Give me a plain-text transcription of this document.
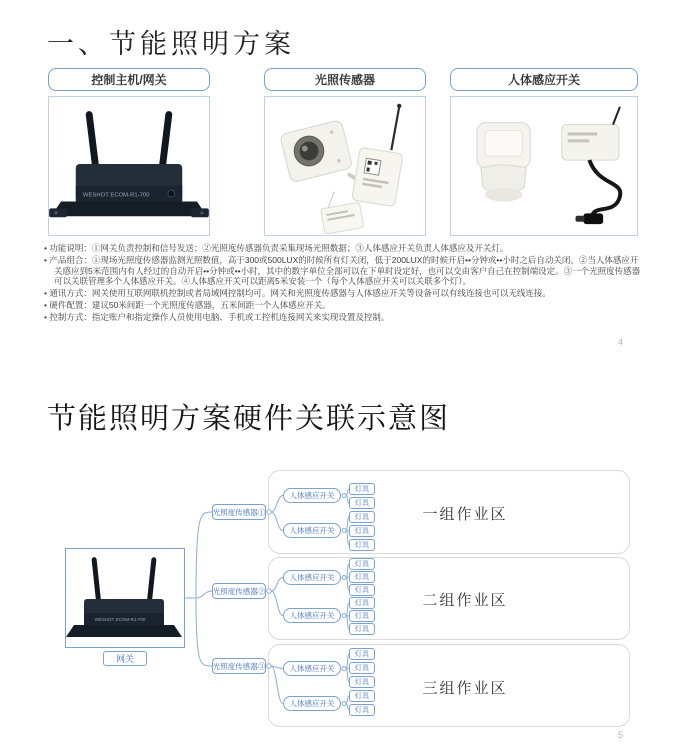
一、节能照明方案
控制主机/网关	光照传感器	人体感应开关
WESHOT ECOM-R1-700
• 功能说明：①网关负责控制和信号发送；②光照度传感器负责采集现场光照数据；③人体感应开关负责人体感应及开关灯。
• 产品组合：①现场光照度传感器监测光照数值，高于300或500LUX的时候所有灯关闭，低于200LUX的时候开启••分钟或••小时之后自动关闭。②当人体感应开关感应到5米范围内有人经过的自动开启••分钟或••小时，其中的数字单位全部可以在下单时设定好，也可以交由客户自己在控制端设定。③一个光照度传感器可以关联管理多个人体感应开关。④人体感应开关可以距离5米安装一个（每个人体感应开关可以关联多个灯）。
• 通讯方式：网关使用互联网联机控制或者局域网控制均可。网关和光照度传感器与人体感应开关等设备可以有线连接也可以无线连接。
• 硬件配置：建议50米间距一个光照度传感器，五米间距一个人体感应开关。
• 控制方式：指定账户和指定操作人员使用电脑、手机或工控机连接网关来实现设置及控制。
4
节能照明方案硬件关联示意图
WESHOT ECOM-R1-700
网关
光照度传感器①
光照度传感器②
光照度传感器③
人体感应开关
人体感应开关
人体感应开关
人体感应开关
人体感应开关
人体感应开关
灯具
灯具
灯具
灯具
灯具
灯具
灯具
灯具
灯具
灯具
灯具
灯具
灯具
灯具
灯具
灯具
一组作业区
二组作业区
三组作业区
5
